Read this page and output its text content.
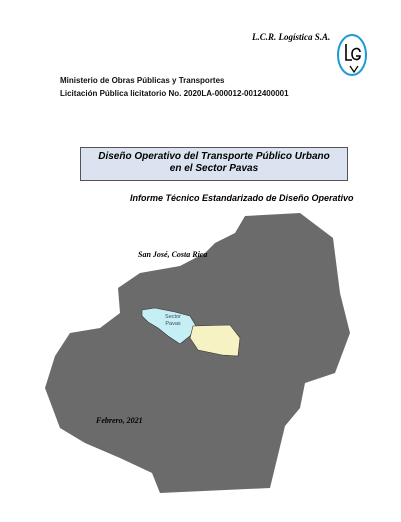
L.C.R. Logística S.A.
Ministerio de Obras Públicas y Transportes
Licitación Pública licitatorio No. 2020LA-000012-0012400001
Diseño Operativo del Transporte Público Urbano
en el Sector Pavas
Informe Técnico Estandarizado de Diseño Operativo
Sector
Pavas
San José, Costa Rica
Febrero, 2021
